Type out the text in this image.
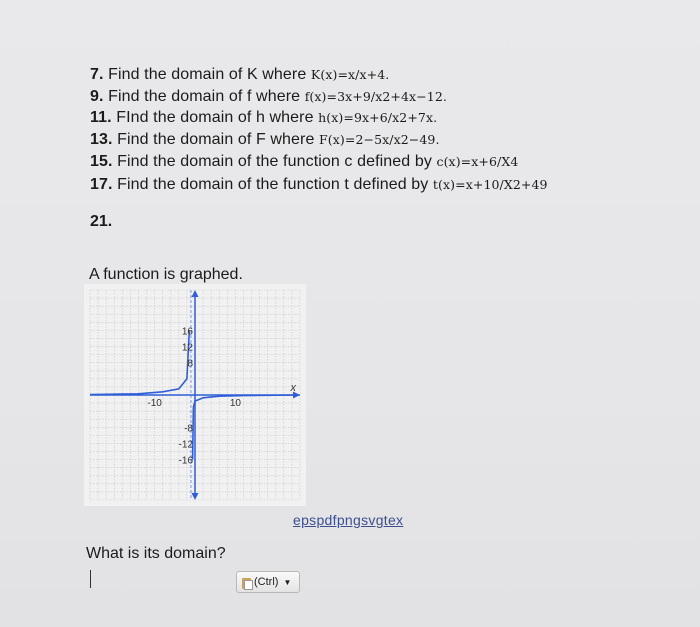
7. Find the domain of K where K(x)=x/x+4.
9. Find the domain of f where f(x)=3x+9/x2+4x−12.
11. FInd the domain of h where h(x)=9x+6/x2+7x.
13. Find the domain of F where F(x)=2−5x/x2−49.
15. Find the domain of the function c defined by c(x)=x+6/X4
17. Find the domain of the function t defined by t(x)=x+10/X2+49
21.
A function is graphed.
-10	10
16
12
8
-8
-12
-16
x
epspdfpngsvgtex
What is its domain?
(Ctrl) ▼
